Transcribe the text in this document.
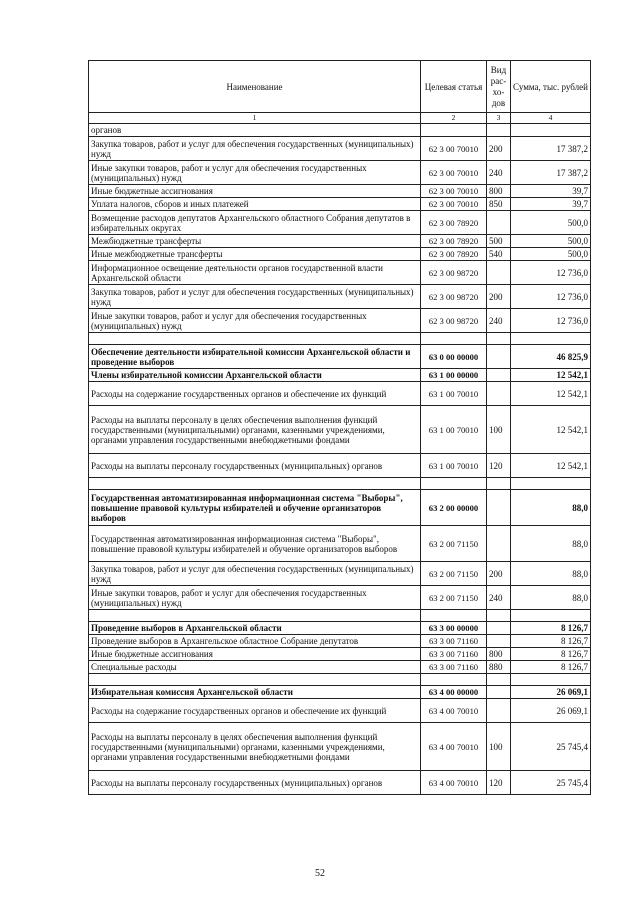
Наименование	Целевая статья	Вид рас-хо-дов	Сумма, тыс. рублей
1	2	3	4
органов			
Закупка товаров, работ и услуг для обеспечения государственных (муниципальных) нужд	62 3 00 70010	200	17 387,2
Иные закупки товаров, работ и услуг для обеспечения государственных (муниципальных) нужд	62 3 00 70010	240	17 387,2
Иные бюджетные ассигнования	62 3 00 70010	800	39,7
Уплата налогов, сборов и иных платежей	62 3 00 70010	850	39,7
Возмещение расходов депутатов Архангельского областного Собрания депутатов в избирательных округах	62 3 00 78920		500,0
Межбюджетные трансферты	62 3 00 78920	500	500,0
Иные межбюджетные трансферты	62 3 00 78920	540	500,0
Информационное освещение деятельности органов государственной власти Архангельской области	62 3 00 98720		12 736,0
Закупка товаров, работ и услуг для обеспечения государственных (муниципальных) нужд	62 3 00 98720	200	12 736,0
Иные закупки товаров, работ и услуг для обеспечения государственных (муниципальных) нужд	62 3 00 98720	240	12 736,0

Обеспечение деятельности избирательной комиссии Архангельской области и проведение выборов	63 0 00 00000		46 825,9
Члены избирательной комиссии Архангельской области	63 1 00 00000		12 542,1
Расходы на содержание государственных органов и обеспечение их функций	63 1 00 70010		12 542,1
Расходы на выплаты персоналу в целях обеспечения выполнения функций государственными (муниципальными) органами, казенными учреждениями, органами управления государственными внебюджетными фондами	63 1 00 70010	100	12 542,1
Расходы на выплаты персоналу государственных (муниципальных) органов	63 1 00 70010	120	12 542,1

Государственная автоматизированная информационная система "Выборы", повышение правовой культуры избирателей и обучение организаторов выборов	63 2 00 00000		88,0
Государственная автоматизированная информационная система "Выборы", повышение правовой культуры избирателей и обучение организаторов выборов	63 2 00 71150		88,0
Закупка товаров, работ и услуг для обеспечения государственных (муниципальных) нужд	63 2 00 71150	200	88,0
Иные закупки товаров, работ и услуг для обеспечения государственных (муниципальных) нужд	63 2 00 71150	240	88,0

Проведение выборов в Архангельской области	63 3 00 00000		8 126,7
Проведение выборов в Архангельское областное Собрание депутатов	63 3 00 71160		8 126,7
Иные бюджетные ассигнования	63 3 00 71160	800	8 126,7
Специальные расходы	63 3 00 71160	880	8 126,7

Избирательная комиссия Архангельской области	63 4 00 00000		26 069,1
Расходы на содержание государственных органов и обеспечение их функций	63 4 00 70010		26 069,1
Расходы на выплаты персоналу в целях обеспечения выполнения функций государственными (муниципальными) органами, казенными учреждениями, органами управления государственными внебюджетными фондами	63 4 00 70010	100	25 745,4
Расходы на выплаты персоналу государственных (муниципальных) органов	63 4 00 70010	120	25 745,4
52
